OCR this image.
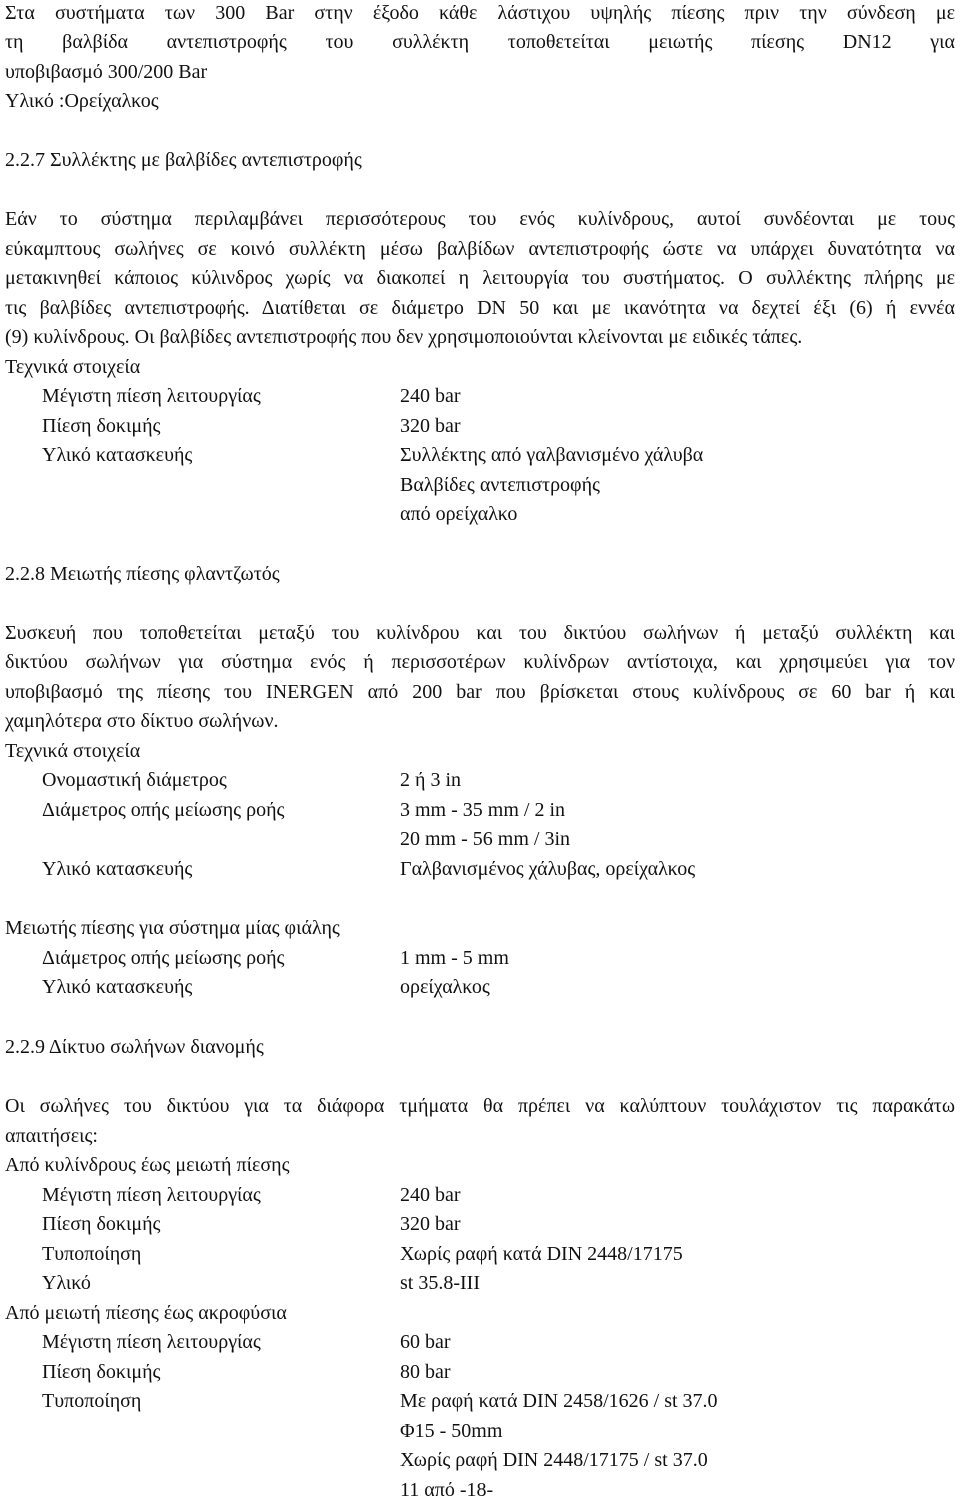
Στα συστήματα των 300 Bar στην έξοδο κάθε λάστιχου υψηλής πίεσης πριν την σύνδεση με
τη βαλβίδα αντεπιστροφής του συλλέκτη τοποθετείται μειωτής πίεσης DN12 για
υποβιβασμό 300/200 Bar
Υλικό :Ορείχαλκος
2.2.7 Συλλέκτης με βαλβίδες αντεπιστροφής
Εάν το σύστημα περιλαμβάνει περισσότερους του ενός κυλίνδρους, αυτοί συνδέονται με τους
εύκαμπτους σωλήνες σε κοινό συλλέκτη μέσω βαλβίδων αντεπιστροφής ώστε να υπάρχει δυνατότητα να
μετακινηθεί κάποιος κύλινδρος χωρίς να διακοπεί η λειτουργία του συστήματος. Ο συλλέκτης πλήρης με
τις βαλβίδες αντεπιστροφής. Διατίθεται σε διάμετρο DN 50 και με ικανότητα να δεχτεί έξι (6) ή εννέα
(9) κυλίνδρους. Οι βαλβίδες αντεπιστροφής που δεν χρησιμοποιούνται κλείνονται με ειδικές τάπες.
Τεχνικά στοιχεία
Μέγιστη πίεση λειτουργίας	240 bar
Πίεση δοκιμής	320 bar
Υλικό κατασκευής	Συλλέκτης από γαλβανισμένο χάλυβα
Βαλβίδες αντεπιστροφής
από ορείχαλκο
2.2.8 Μειωτής πίεσης φλαντζωτός
Συσκευή που τοποθετείται μεταξύ του κυλίνδρου και του δικτύου σωλήνων ή μεταξύ συλλέκτη και
δικτύου σωλήνων για σύστημα ενός ή περισσοτέρων κυλίνδρων αντίστοιχα, και χρησιμεύει για τον
υποβιβασμό της πίεσης του INERGEN από 200 bar που βρίσκεται στους κυλίνδρους σε 60 bar ή και
χαμηλότερα στο δίκτυο σωλήνων.
Τεχνικά στοιχεία
Ονομαστική διάμετρος	2 ή 3 in
Διάμετρος οπής μείωσης ροής	3 mm - 35 mm / 2 in
20 mm - 56 mm / 3in
Υλικό κατασκευής	Γαλβανισμένος χάλυβας, ορείχαλκος
Μειωτής πίεσης για σύστημα μίας φιάλης
Διάμετρος οπής μείωσης ροής	1 mm - 5 mm
Υλικό κατασκευής	ορείχαλκος
2.2.9 Δίκτυο σωλήνων διανομής
Οι σωλήνες του δικτύου για τα διάφορα τμήματα θα πρέπει να καλύπτουν τουλάχιστον τις παρακάτω
απαιτήσεις:
Από κυλίνδρους έως μειωτή πίεσης
Μέγιστη πίεση λειτουργίας	240 bar
Πίεση δοκιμής	320 bar
Τυποποίηση	Χωρίς ραφή κατά DIN 2448/17175
Υλικό	st 35.8-III
Από μειωτή πίεσης έως ακροφύσια
Μέγιστη πίεση λειτουργίας	60 bar
Πίεση δοκιμής	80 bar
Τυποποίηση	Με ραφή κατά DIN 2458/1626 / st 37.0
Φ15 - 50mm
Χωρίς ραφή DIN 2448/17175 / st 37.0
11 από -18-
